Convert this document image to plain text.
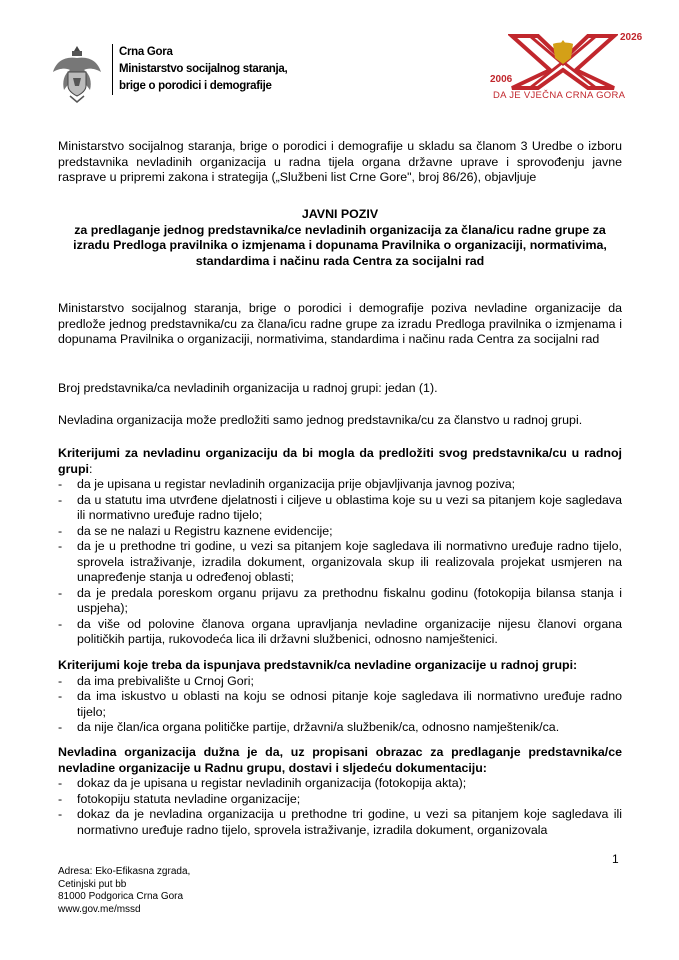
Crna Gora
Ministarstvo socijalnog staranja,
brige o porodici i demografije
2006
2026
DA JE VJEČNA CRNA GORA

Ministarstvo socijalnog staranja, brige o porodici i demografije u skladu sa članom 3 Uredbe o izboru predstavnika nevladinih organizacija u radna tijela organa državne uprave i sprovođenju javne rasprave u pripremi zakona i strategija („Službeni list Crne Gore", broj 86/26), objavljuje

JAVNI POZIV
za predlaganje jednog predstavnika/ce nevladinih organizacija za člana/icu radne grupe za izradu Predloga pravilnika o izmjenama i dopunama Pravilnika o organizaciji, normativima, standardima i načinu rada Centra za socijalni rad

Ministarstvo socijalnog staranja, brige o porodici i demografije poziva nevladine organizacije da predlože jednog predstavnika/cu za člana/icu radne grupe za izradu Predloga pravilnika o izmjenama i dopunama Pravilnika o organizaciji, normativima, standardima i načinu rada Centra za socijalni rad

Broj predstavnika/ca nevladinih organizacija u radnoj grupi: jedan (1).

Nevladina organizacija može predložiti samo jednog predstavnika/cu za članstvo u radnoj grupi.

Kriterijumi za nevladinu organizaciju da bi mogla da predložiti svog predstavnika/cu u radnoj grupi:
- da je upisana u registar nevladinih organizacija prije objavljivanja javnog poziva;
- da u statutu ima utvrđene djelatnosti i ciljeve u oblastima koje su u vezi sa pitanjem koje sagledava ili normativno uređuje radno tijelo;
- da se ne nalazi u Registru kaznene evidencije;
- da je u prethodne tri godine, u vezi sa pitanjem koje sagledava ili normativno uređuje radno tijelo, sprovela istraživanje, izradila dokument, organizovala skup ili realizovala projekat usmjeren na unapređenje stanja u određenoj oblasti;
- da je predala poreskom organu prijavu za prethodnu fiskalnu godinu (fotokopija bilansa stanja i uspjeha);
- da više od polovine članova organa upravljanja nevladine organizacije nijesu članovi organa političkih partija, rukovodeća lica ili državni službenici, odnosno namještenici.
Kriterijumi koje treba da ispunjava predstavnik/ca nevladine organizacije u radnoj grupi:
- da ima prebivalište u Crnoj Gori;
- da ima iskustvo u oblasti na koju se odnosi pitanje koje sagledava ili normativno uređuje radno tijelo;
- da nije član/ica organa političke partije, državni/a službenik/ca, odnosno namještenik/ca.
Nevladina organizacija dužna je da, uz propisani obrazac za predlaganje predstavnika/ce nevladine organizacije u Radnu grupu, dostavi i sljedeću dokumentaciju:
- dokaz da je upisana u registar nevladinih organizacija (fotokopija akta);
- fotokopiju statuta nevladine organizacije;
- dokaz da je nevladina organizacija u prethodne tri godine, u vezi sa pitanjem koje sagledava ili normativno uređuje radno tijelo, sprovela istraživanje, izradila dokument, organizovala
1
Adresa: Eko-Efikasna zgrada,
Cetinjski put bb
81000 Podgorica Crna Gora
www.gov.me/mssd
